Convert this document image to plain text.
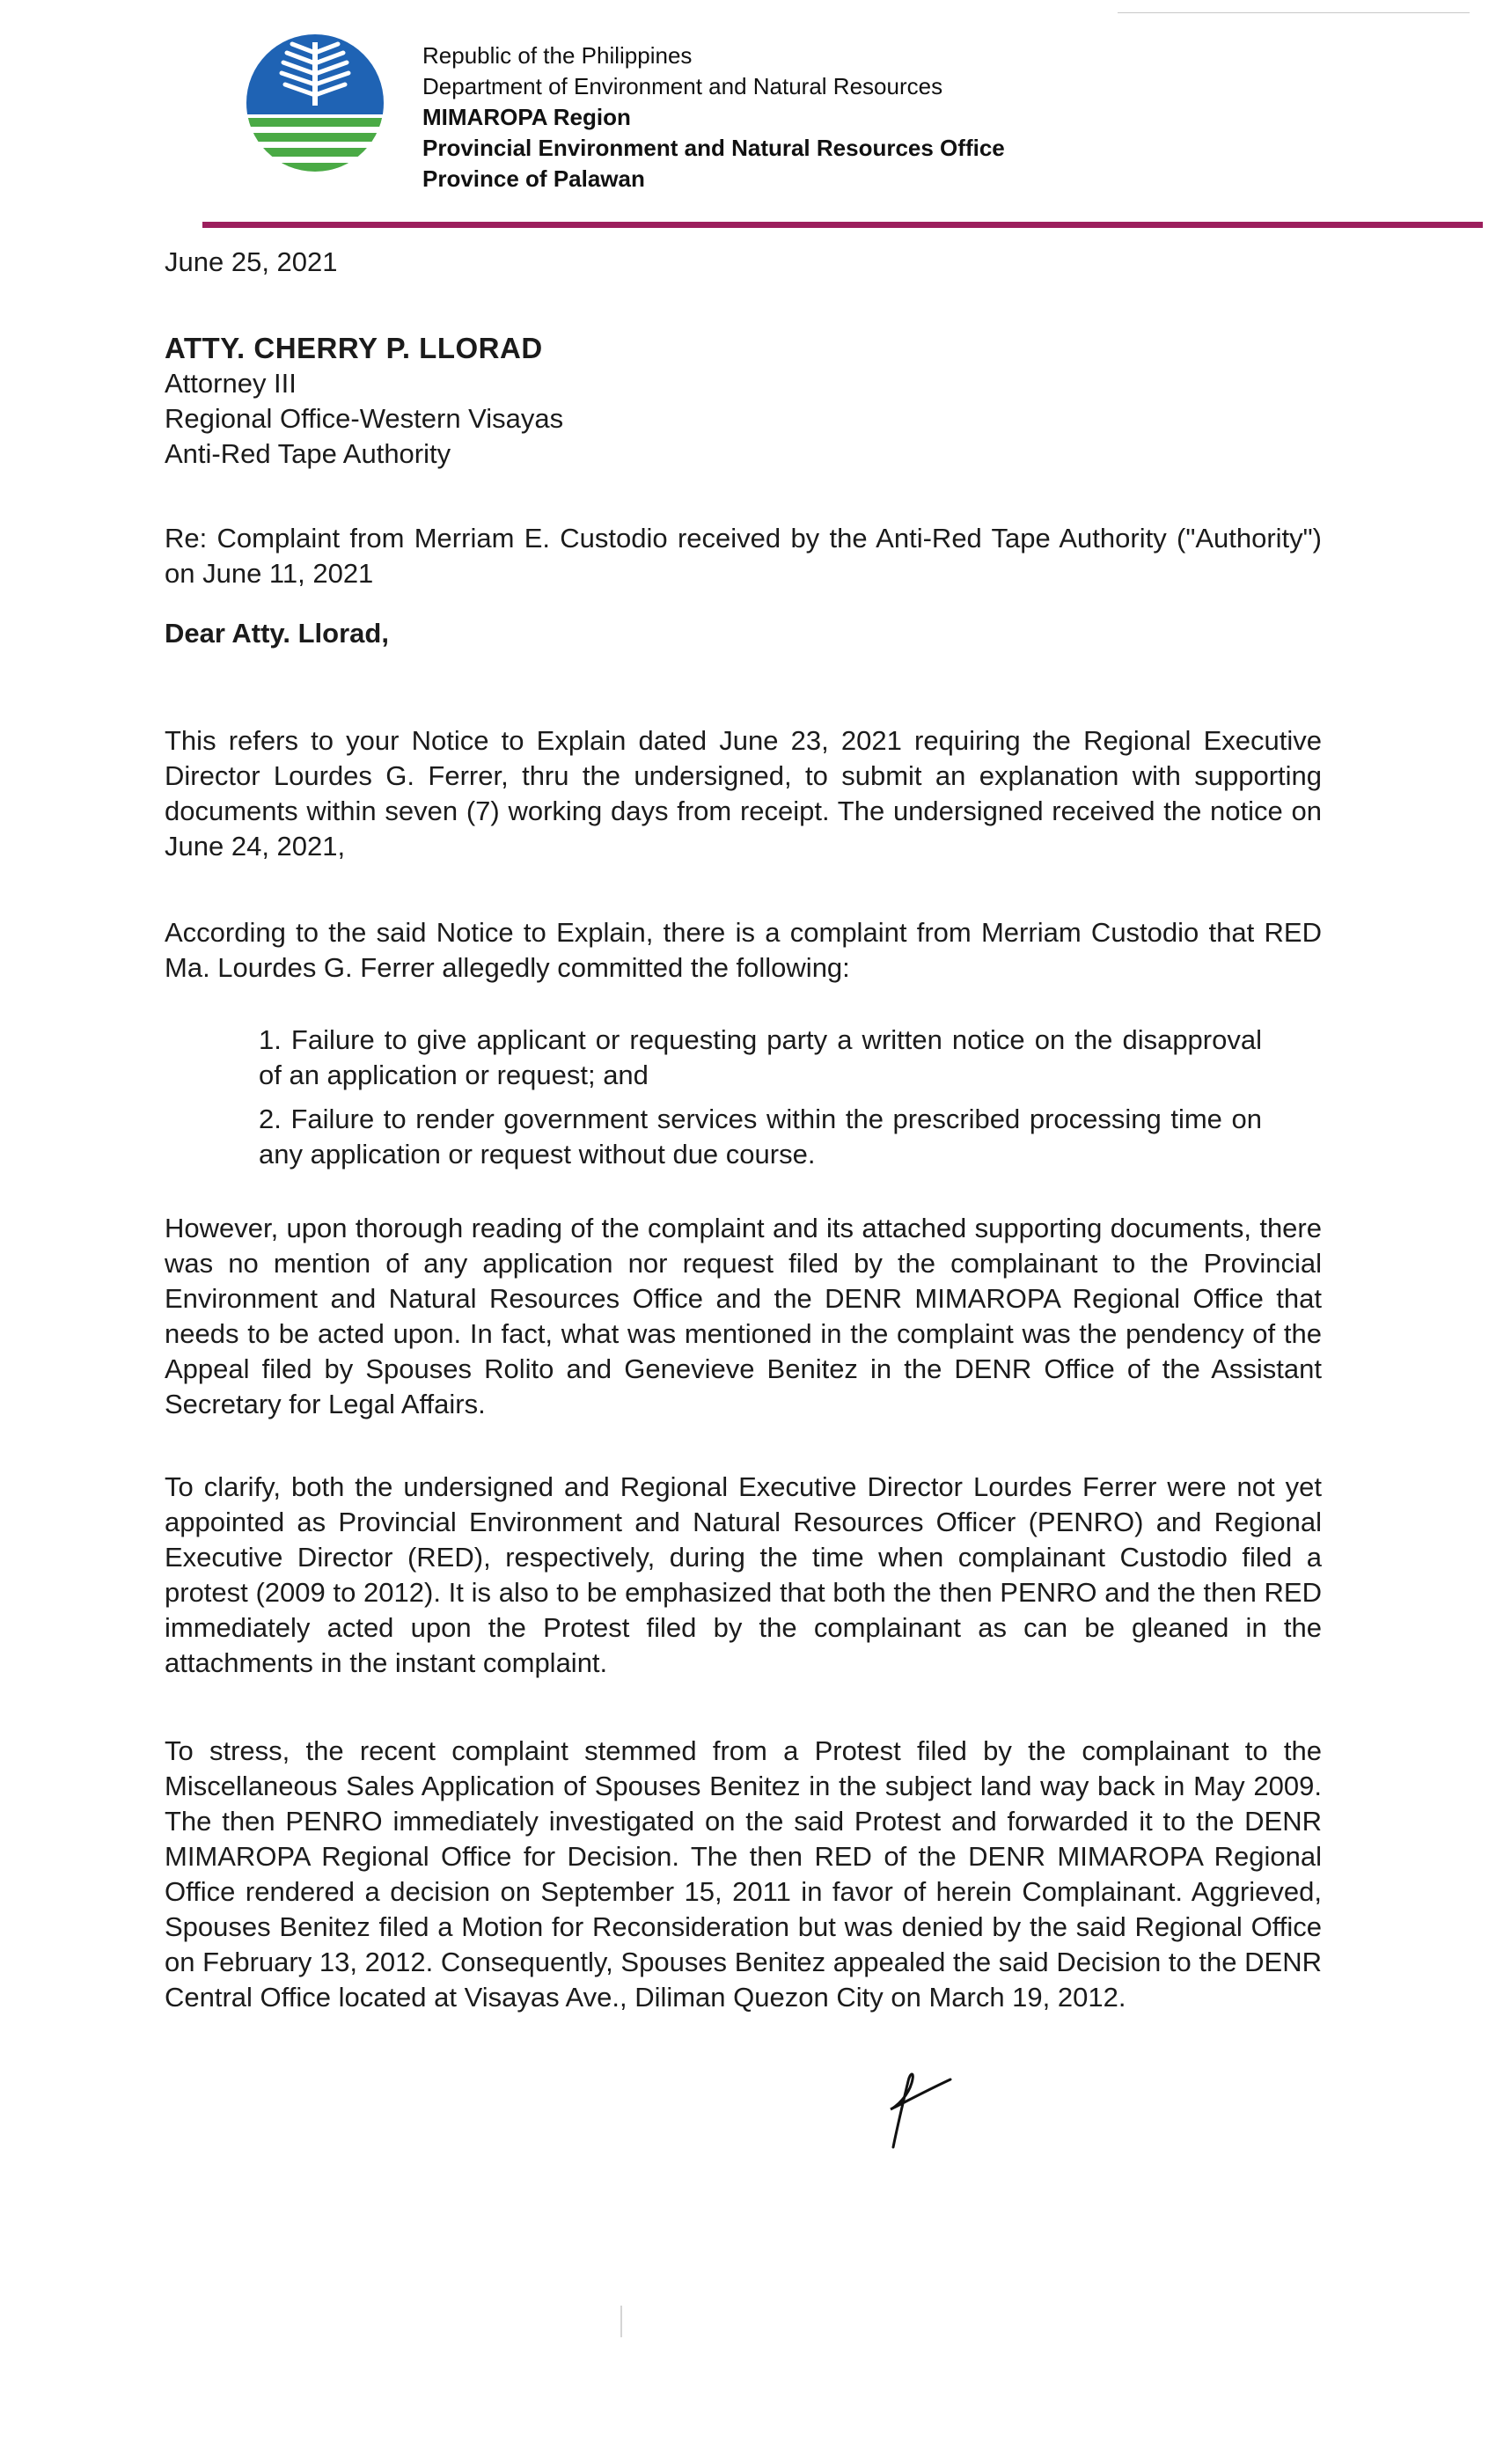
Republic of the Philippines
Department of Environment and Natural Resources
MIMAROPA Region
Provincial Environment and Natural Resources Office
Province of Palawan

June 25, 2021

ATTY. CHERRY P. LLORAD
Attorney III
Regional Office-Western Visayas
Anti-Red Tape Authority

Re: Complaint from Merriam E. Custodio received by the Anti-Red Tape Authority ("Authority") on June 11, 2021

Dear Atty. Llorad,

This refers to your Notice to Explain dated June 23, 2021 requiring the Regional Executive Director Lourdes G. Ferrer, thru the undersigned, to submit an explanation with supporting documents within seven (7) working days from receipt. The undersigned received the notice on June 24, 2021,

According to the said Notice to Explain, there is a complaint from Merriam Custodio that RED Ma. Lourdes G. Ferrer allegedly committed the following:

1. Failure to give applicant or requesting party a written notice on the disapproval of an application or request; and
2. Failure to render government services within the prescribed processing time on any application or request without due course.

However, upon thorough reading of the complaint and its attached supporting documents, there was no mention of any application nor request filed by the complainant to the Provincial Environment and Natural Resources Office and the DENR MIMAROPA Regional Office that needs to be acted upon. In fact, what was mentioned in the complaint was the pendency of the Appeal filed by Spouses Rolito and Genevieve Benitez in the DENR Office of the Assistant Secretary for Legal Affairs.

To clarify, both the undersigned and Regional Executive Director Lourdes Ferrer were not yet appointed as Provincial Environment and Natural Resources Officer (PENRO) and Regional Executive Director (RED), respectively, during the time when complainant Custodio filed a protest (2009 to 2012). It is also to be emphasized that both the then PENRO and the then RED immediately acted upon the Protest filed by the complainant as can be gleaned in the attachments in the instant complaint.

To stress, the recent complaint stemmed from a Protest filed by the complainant to the Miscellaneous Sales Application of Spouses Benitez in the subject land way back in May 2009. The then PENRO immediately investigated on the said Protest and forwarded it to the DENR MIMAROPA Regional Office for Decision. The then RED of the DENR MIMAROPA Regional Office rendered a decision on September 15, 2011 in favor of herein Complainant. Aggrieved, Spouses Benitez filed a Motion for Reconsideration but was denied by the said Regional Office on February 13, 2012. Consequently, Spouses Benitez appealed the said Decision to the DENR Central Office located at Visayas Ave., Diliman Quezon City on March 19, 2012.
